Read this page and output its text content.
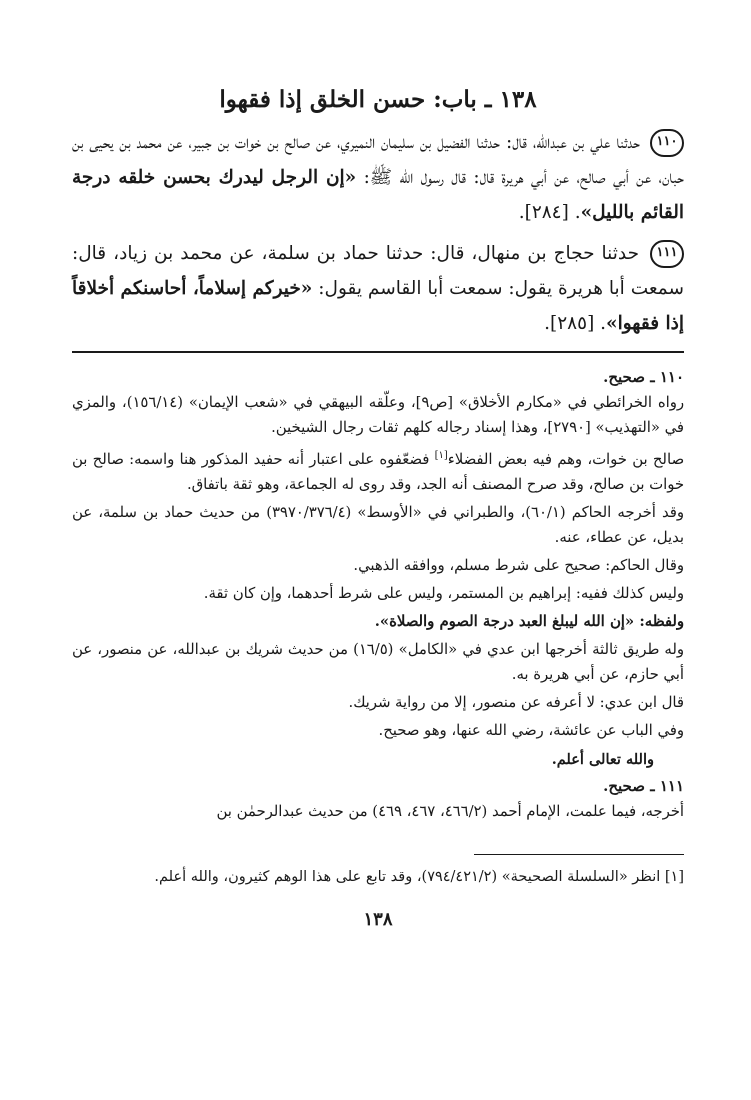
١٣٨ ـ باب: حسن الخلق إذا فقهوا

١١٠ حدثنا علي بن عبدالله، قال: حدثنا الفضيل بن سليمان النميري، عن صالح بن خوات بن جبير، عن محمد بن يحيى بن حبان، عن أبي صالح، عن أبي هريرة قال: قال رسول الله ﷺ: «إن الرجل ليدرك بحسن خلقه درجة القائم بالليل». [٢٨٤].

١١١ حدثنا حجاج بن منهال، قال: حدثنا حماد بن سلمة، عن محمد بن زياد، قال: سمعت أبا هريرة يقول: سمعت أبا القاسم يقول: «خيركم إسلاماً، أحاسنكم أخلاقاً إذا فقهوا». [٢٨٥].

١١٠ ـ صحيح.

رواه الخرائطي في «مكارم الأخلاق» [ص٩]، وعلّقه البيهقي في «شعب الإيمان» (١٥٦/١٤)، والمزي في «التهذيب» [٢٧٩٠]، وهذا إسناد رجاله كلهم ثقات رجال الشيخين.

صالح بن خوات، وهم فيه بعض الفضلاء[١] فضعّفوه على اعتبار أنه حفيد المذكور هنا واسمه: صالح بن خوات بن صالح، وقد صرح المصنف أنه الجد، وقد روى له الجماعة، وهو ثقة باتفاق.

وقد أخرجه الحاكم (٦٠/١)، والطبراني في «الأوسط» (٣٩٧٠/٣٧٦/٤) من حديث حماد بن سلمة، عن بديل، عن عطاء، عنه.

وقال الحاكم: صحيح على شرط مسلم، ووافقه الذهبي.

وليس كذلك ففيه: إبراهيم بن المستمر، وليس على شرط أحدهما، وإن كان ثقة.

ولفظه: «إن الله ليبلغ العبد درجة الصوم والصلاة».

وله طريق ثالثة أخرجها ابن عدي في «الكامل» (١٦/٥) من حديث شريك بن عبدالله، عن منصور، عن أبي حازم، عن أبي هريرة به.

قال ابن عدي: لا أعرفه عن منصور، إلا من رواية شريك.

وفي الباب عن عائشة، رضي الله عنها، وهو صحيح.

والله تعالى أعلم.
١١١ ـ صحيح.

أخرجه، فيما علمت، الإمام أحمد (٤٦٦/٢، ٤٦٧، ٤٦٩) من حديث عبدالرحمٰن بن

[١] انظر «السلسلة الصحيحة» (٧٩٤/٤٢١/٢)، وقد تابع على هذا الوهم كثيرون، والله أعلم.
١٣٨
